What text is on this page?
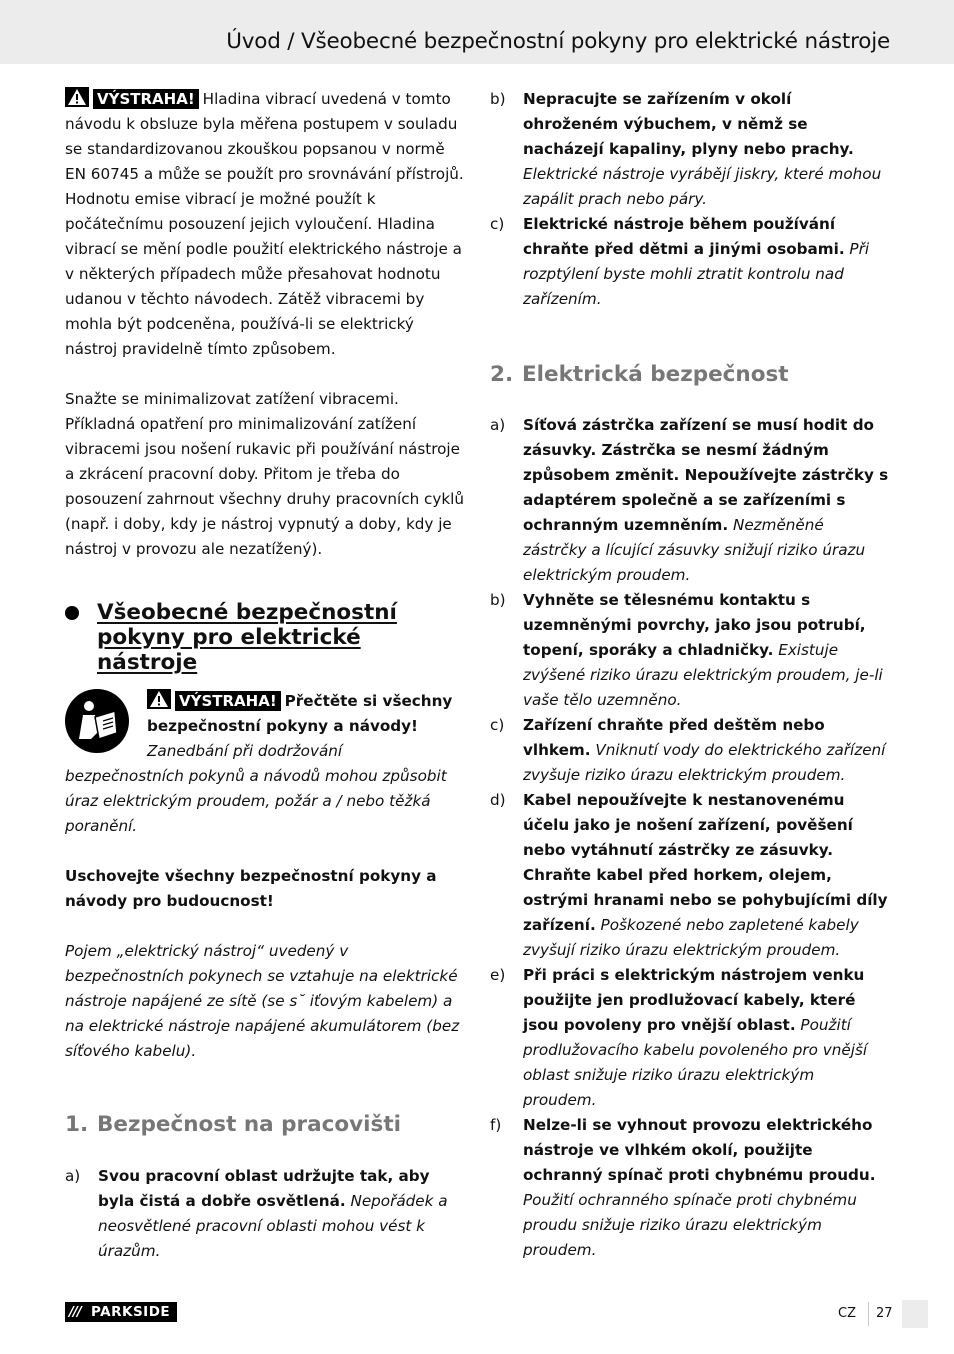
Úvod / Všeobecné bezpečnostní pokyny pro elektrické nástroje

VÝSTRAHA! Hladina vibrací uvedená v tomto návodu k obsluze byla měřena postupem v souladu se standardizovanou zkouškou popsanou v normě EN 60745 a může se použít pro srovnávání přístrojů. Hodnotu emise vibrací je možné použít k počátečnímu posouzení jejich vyloučení. Hladina vibrací se mění podle použití elektrického nástroje a v některých případech může přesahovat hodnotu udanou v těchto návodech. Zátěž vibracemi by mohla být podceněna, používá-li se elektrický nástroj pravidelně tímto způsobem.

Snažte se minimalizovat zatížení vibracemi. Příkladná opatření pro minimalizování zatížení vibracemi jsou nošení rukavic při používání nástroje a zkrácení pracovní doby. Přitom je třeba do posouzení zahrnout všechny druhy pracovních cyklů (např. i doby, kdy je nástroj vypnutý a doby, kdy je nástroj v provozu ale nezatížený).

Všeobecné bezpečnostní pokyny pro elektrické nástroje

VÝSTRAHA! Přečtěte si všechny bezpečnostní pokyny a návody!

Zanedbání při dodržování bezpečnostních pokynů a návodů mohou způsobit úraz elektrickým proudem, požár a / nebo těžká poranění.

Uschovejte všechny bezpečnostní pokyny a návody pro budoucnost!

Pojem „elektrický nástroj“ uvedený v bezpečnostních pokynech se vztahuje na elektrické nástroje napájené ze sítě (se s˘ iťovým kabelem) a na elektrické nástroje napájené akumulátorem (bez síťového kabelu).

1. Bezpečnost na pracovišti
a) Svou pracovní oblast udržujte tak, aby byla čistá a dobře osvětlená. Nepořádek a neosvětlené pracovní oblasti mohou vést k úrazům.
b) Nepracujte se zařízením v okolí ohroženém výbuchem, v němž se nacházejí kapaliny, plyny nebo prachy. Elektrické nástroje vyrábějí jiskry, které mohou zapálit prach nebo páry.
c) Elektrické nástroje během používání chraňte před dětmi a jinými osobami. Při rozptýlení byste mohli ztratit kontrolu nad zařízením.
2. Elektrická bezpečnost
a) Síťová zástrčka zařízení se musí hodit do zásuvky. Zástrčka se nesmí žádným způsobem změnit. Nepoužívejte zástrčky s adaptérem společně a se zařízeními s ochranným uzemněním. Nezměněné zástrčky a lícující zásuvky snižují riziko úrazu elektrickým proudem.
b) Vyhněte se tělesnému kontaktu s uzemněnými povrchy, jako jsou potrubí, topení, sporáky a chladničky. Existuje zvýšené riziko úrazu elektrickým proudem, je-li vaše tělo uzemněno.
c) Zařízení chraňte před deštěm nebo vlhkem. Vniknutí vody do elektrického zařízení zvyšuje riziko úrazu elektrickým proudem.
d) Kabel nepoužívejte k nestanovenému účelu jako je nošení zařízení, pověšení nebo vytáhnutí zástrčky ze zásuvky. Chraňte kabel před horkem, olejem, ostrými hranami nebo se pohybujícími díly zařízení. Poškozené nebo zapletené kabely zvyšují riziko úrazu elektrickým proudem.
e) Při práci s elektrickým nástrojem venku použijte jen prodlužovací kabely, které jsou povoleny pro vnější oblast. Použití prodlužovacího kabelu povoleného pro vnější oblast snižuje riziko úrazu elektrickým proudem.
f) Nelze-li se vyhnout provozu elektrického nástroje ve vlhkém okolí, použijte ochranný spínač proti chybnému proudu. Použití ochranného spínače proti chybnému proudu snižuje riziko úrazu elektrickým proudem.
/// PARKSIDE	CZ 27
